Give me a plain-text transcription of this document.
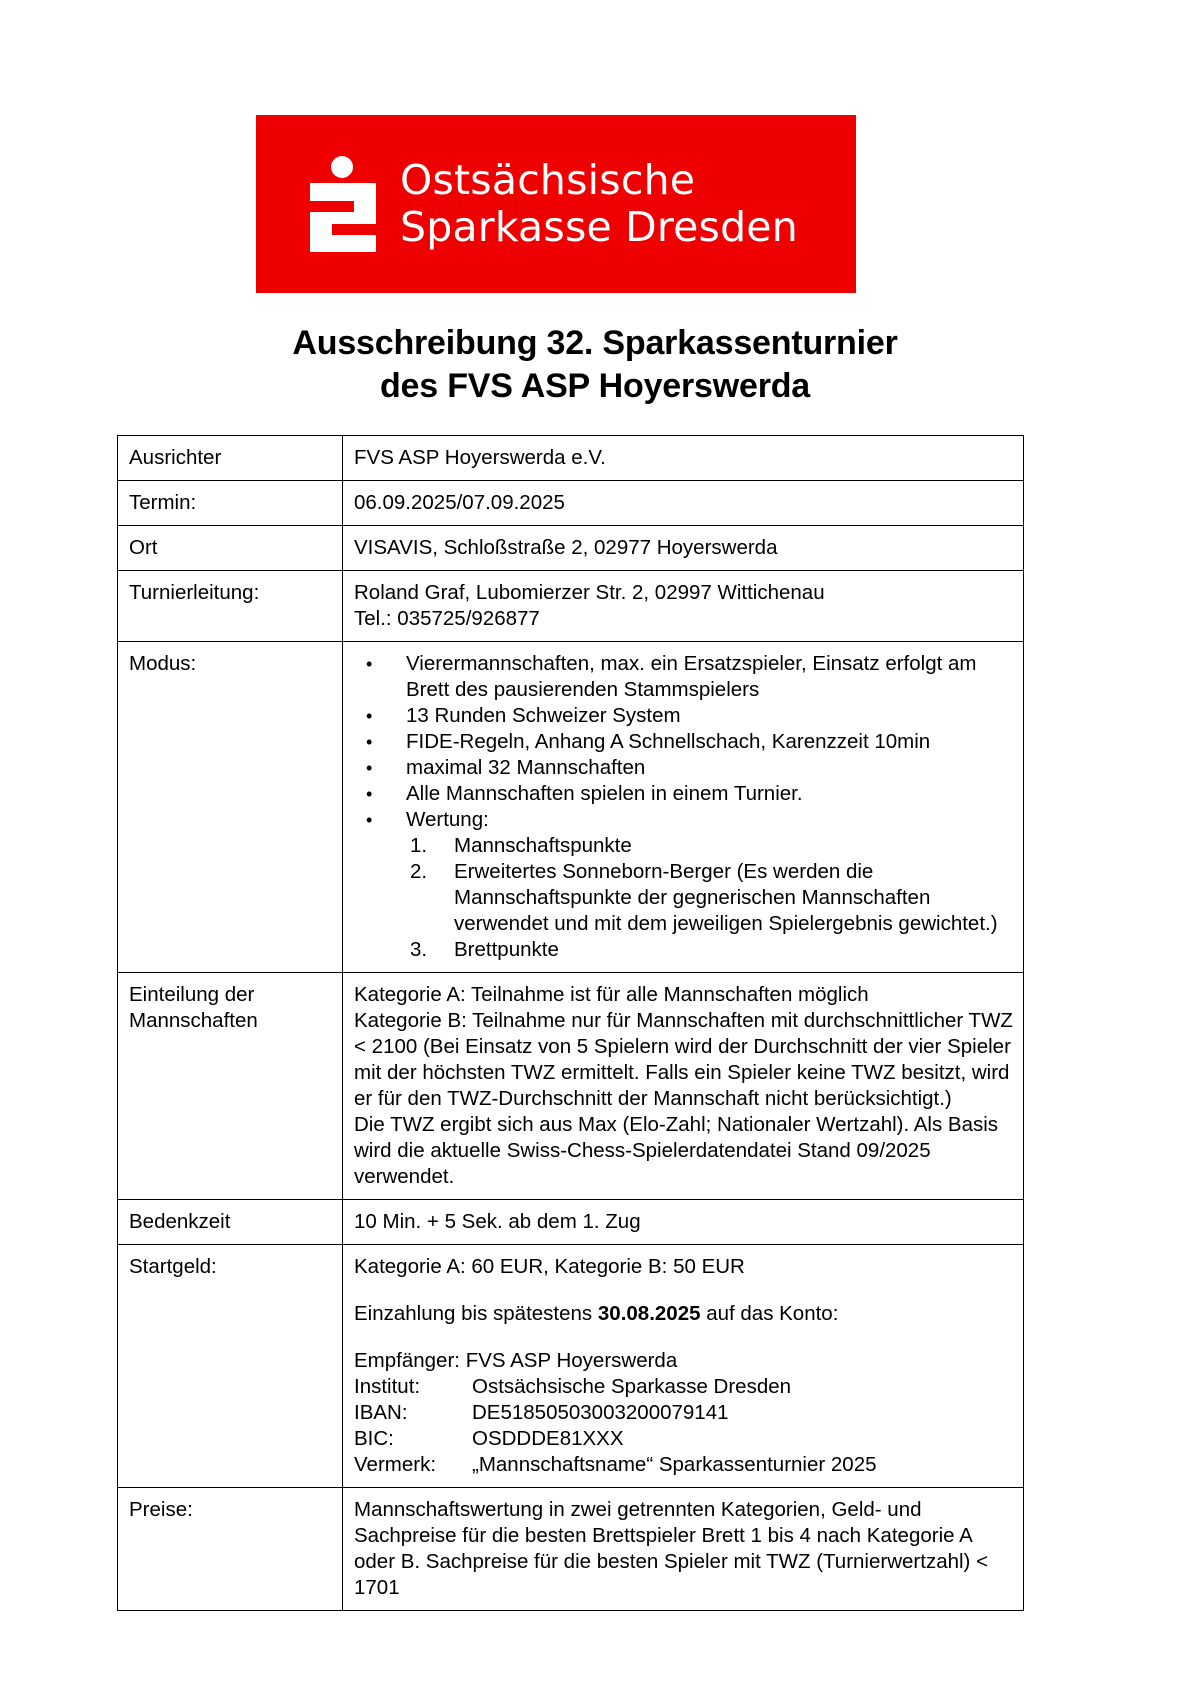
Ostsächsische
Sparkasse Dresden
Ausschreibung 32. Sparkassenturnier
des FVS ASP Hoyerswerda
Ausrichter	FVS ASP Hoyerswerda e.V.
Termin:	06.09.2025/07.09.2025
Ort	VISAVIS, Schloßstraße 2, 02977 Hoyerswerda
Turnierleitung:	Roland Graf, Lubomierzer Str. 2, 02997 Wittichenau
Tel.: 035725/926877

Modus:	
•Vierermannschaften, max. ein Ersatzspieler, Einsatz erfolgt am Brett des pausierenden Stammspielers
• 13 Runden Schweizer System
• FIDE-Regeln, Anhang A Schnellschach, Karenzzeit 10min
• maximal 32 Mannschaften
• Alle Mannschaften spielen in einem Turnier.
• Wertung:
Mannschaftspunkte
Erweitertes Sonneborn-Berger (Es werden die Mannschaftspunkte der gegnerischen Mannschaften verwendet und mit dem jeweiligen Spielergebnis gewichtet.)
Brettpunkte

Einteilung der
Mannschaften	Kategorie A: Teilnahme ist für alle Mannschaften möglich
Kategorie B: Teilnahme nur für Mannschaften mit durchschnittlicher TWZ < 2100 (Bei Einsatz von 5 Spielern wird der Durchschnitt der vier Spieler mit der höchsten TWZ ermittelt. Falls ein Spieler keine TWZ besitzt, wird er für den TWZ-Durchschnitt der Mannschaft nicht berücksichtigt.)
Die TWZ ergibt sich aus Max (Elo-Zahl; Nationaler Wertzahl). Als Basis wird die aktuelle Swiss-Chess-Spielerdatendatei Stand 09/2025 verwendet.

Bedenkzeit	10 Min. + 5 Sek. ab dem 1. Zug
Startgeld:	Kategorie A: 60 EUR, Kategorie B: 50 EUR
Einzahlung bis spätestens 30.08.2025 auf das Konto:
Empfänger: FVS ASP Hoyerswerda
Institut:	Ostsächsische Sparkasse Dresden
IBAN:	DE51850503003200079141
BIC:	OSDDDE81XXX
Vermerk: „Mannschaftsname“ Sparkassenturnier 2025

Preise:	Mannschaftswertung in zwei getrennten Kategorien, Geld- und Sachpreise für die besten Brettspieler Brett 1 bis 4 nach Kategorie A oder B. Sachpreise für die besten Spieler mit TWZ (Turnierwertzahl) < 1701
